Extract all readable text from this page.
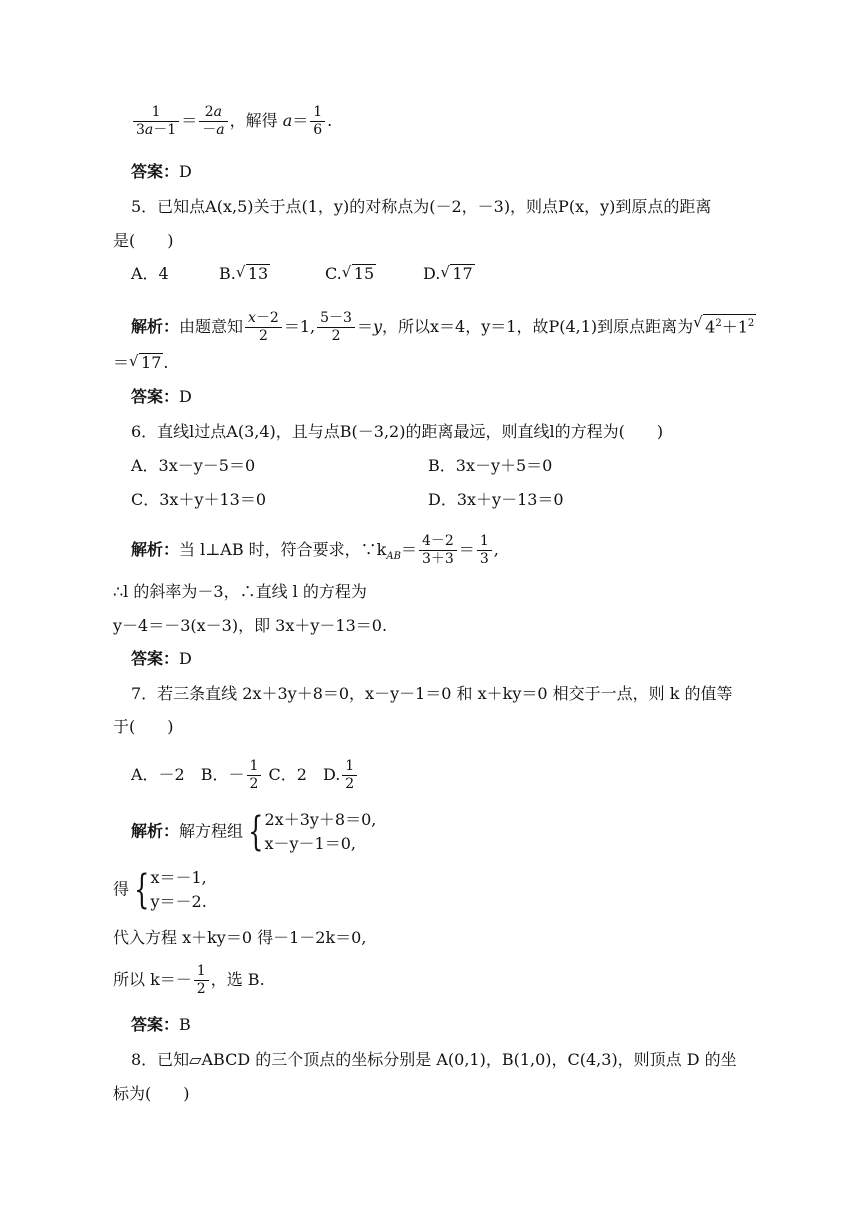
$\frac{1}{3a-1} = \frac{2a}{-a}$ ，解得 $a= \frac{1}{6}$ .
答案：D
5．已知点A(x,5)关于点(1，y)的对称点为(－2，－3)，则点P(x，y)到原点的距离
是(　　)
A．4	B. √ 13	C. √ 15	D. √ 17
解析：由题意知 $\frac{x-2}{2} =1$, $\frac{5-3}{2} =y$，所以x＝4，y＝1，故P(4,1)到原点距离为 √ $4^2+1^2$
＝ √ 17 .
答案：D
6．直线l过点A(3,4)，且与点B(－3,2)的距离最远，则直线l的方程为(　　)
A．3x－y－5＝0	B．3x－y＋5＝0
C．3x＋y＋13＝0	D．3x＋y－13＝0
解析：当 l⊥AB 时，符合要求，$\because k_{AB}= \frac{4-2}{3+3} = \frac{1}{3}$ ,
∴l 的斜率为－3，∴直线 l 的方程为
y－4＝－3(x－3)，即 3x＋y－13＝0.
答案：D
7．若三条直线 2x＋3y＋8＝0，x－y－1＝0 和 x＋ky＝0 相交于一点，则 k 的值等
于(　　)
A．－2　B．－ $\frac{1}{2}$ C．2　D. $\frac{1}{2}$
解析：解方程组 { 2x＋3y＋8＝0,
x－y－1＝0,
得 { x＝－1,
y＝－2.
代入方程 x＋ky＝0 得－1－2k＝0,
所以 $k=- \frac{1}{2}$ ，选 B.
答案：B
8．已知▱ABCD 的三个顶点的坐标分别是 A(0,1)，B(1,0)，C(4,3)，则顶点 D 的坐
标为(　　)
